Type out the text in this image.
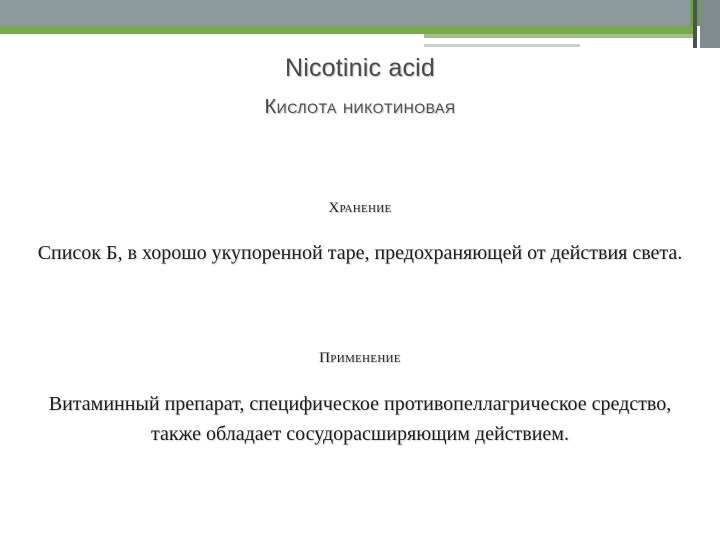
Nicotinic acid
Кислота никотиновая
Хранение
Список Б, в хорошо укупоренной таре, предохраняющей от действия света.
Применение
Витаминный препарат, специфическое противопеллагрическое средство, также обладает сосудорасширяющим действием.
